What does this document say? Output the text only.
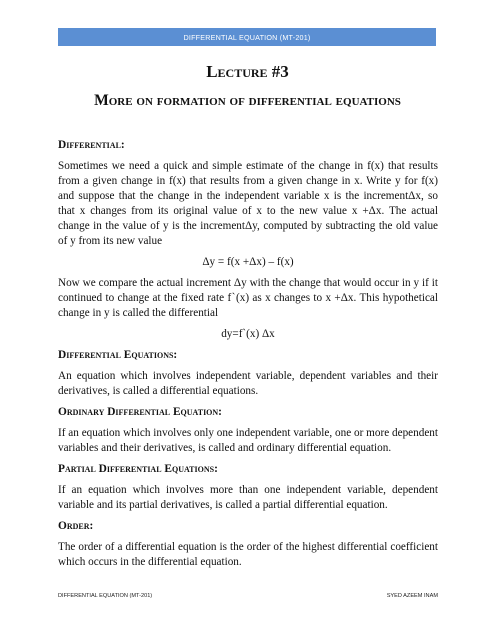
DIFFERENTIAL EQUATION (MT-201)
Lecture #3
More on formation of differential equations
Differential:
Sometimes we need a quick and simple estimate of the change in f(x) that results from a given change in f(x) that results from a given change in x. Write y for f(x) and suppose that the change in the independent variable x is the incrementΔx, so that x changes from its original value of x to the new value x +Δx. The actual change in the value of y is the incrementΔy, computed by subtracting the old value of y from its new value
Δy = f(x +Δx) – f(x)
Now we compare the actual increment Δy with the change that would occur in y if it continued to change at the fixed rate fˋ(x) as x changes to x +Δx. This hypothetical change in y is called the differential
dy=fˋ(x) Δx
Differential Equations:
An equation which involves independent variable, dependent variables and their derivatives, is called a differential equations.
Ordinary Differential Equation:
If an equation which involves only one independent variable, one or more dependent variables and their derivatives, is called and ordinary differential equation.
Partial Differential Equations:
If an equation which involves more than one independent variable, dependent variable and its partial derivatives, is called a partial differential equation.
Order:
The order of a differential equation is the order of the highest differential coefficient which occurs in the differential equation.
DIFFERENTIAL EQUATION (MT-201)	SYED AZEEM INAM
